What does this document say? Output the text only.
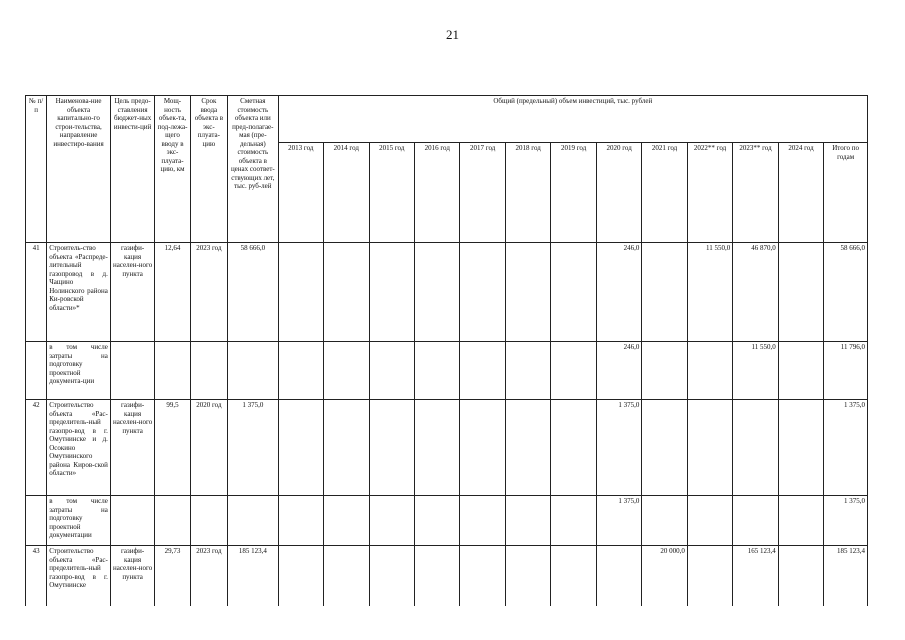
21
№ п/п	Наименова-ние объекта капитально-го строи-тельства, направление инвестиро-вания	Цель предо-ставления бюджет-ных инвести-ций	Мощ-ность объек-та, под-лежа-щего вводу в экс-плуата-цию, км	Срок ввода объекта в экс-плуата-цию	Сметная стоимость объекта или пред-полагае-мая (пре-дельная) стоимость объекта в ценах соответ-ствующих лет, тыс. руб-лей	Общий (предельный) объем инвестиций, тыс. рублей												
						2013 год	2014 год	2015 год	2016 год	2017 год	2018 год	2019 год	2020 год	2021 год	2022** год	2023** год	2024 год	Итого по годам
41	Строитель-ство объекта «Распреде-лительный газопровод в д. Чащино Нолинского района Ки-ровской области»*	газифи-кация населен-ного пункта	12,64	2023 год	58 666,0								246,0		11 550,0	46 870,0		58 666,0
	в том числе затраты на подготовку проектной документа-ции												246,0			11 550,0		11 796,0
42	Строительство объекта «Рас-пределитель-ный газопро-вод в г. Омутнинске и д. Осокино Омутнинского района Киров-ской области»	газифи-кация населен-ного пункта	99,5	2020 год	1 375,0								1 375,0					1 375,0
	в том числе затраты на подготовку проектной документации												1 375,0					1 375,0
43	Строительство объекта «Рас-пределитель-ный газопро-вод в г. Омутнинске	газифи-кация населен-ного пункта	29,73	2023 год	185 123,4									20 000,0		165 123,4		185 123,4
